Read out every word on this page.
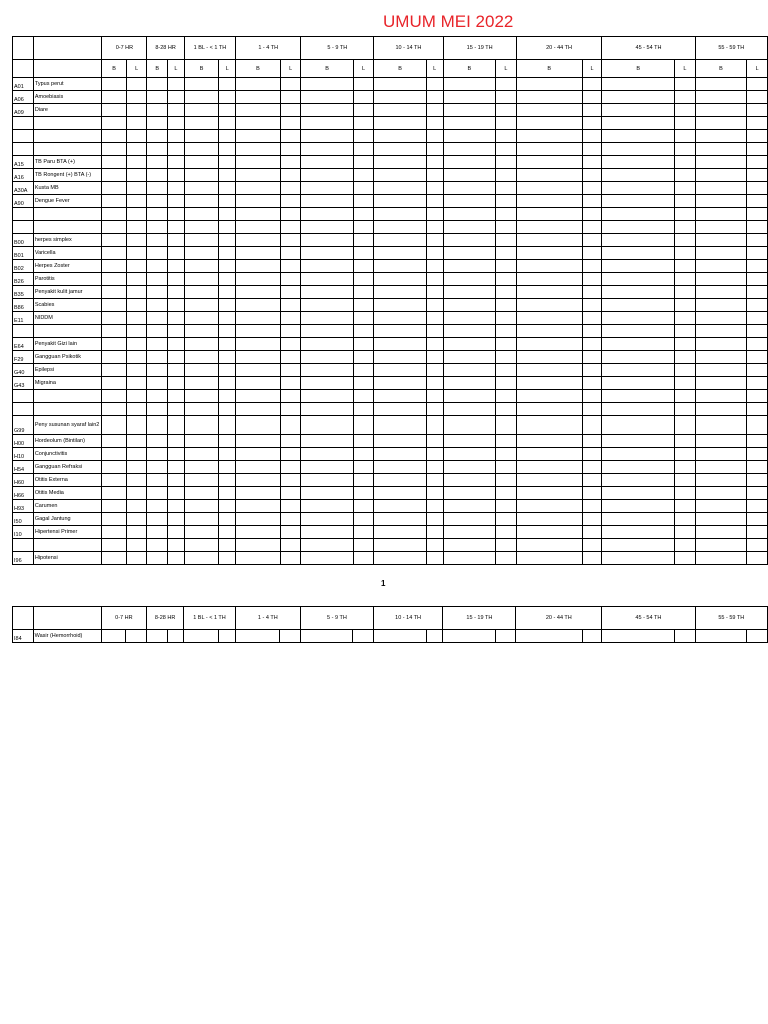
UMUM MEI 2022
		0-7 HR		8-28 HR		1 BL - < 1 TH		1 - 4 TH		5 - 9 TH		10 - 14 TH		15 - 19 TH		20 - 44 TH		45 - 54 TH		55 - 59 TH	
		B	L	B	L	B	L	B	L	B	L	B	L	B	L	B	L	B	L	B	L
A01	Typus perut																				
A06	Amoebiasis																				
A09	Diare																				

A15	TB Paru BTA (+)																				
A16	TB Rongent (+) BTA (-)																				
A30A	Kusta MB																				
A90	Dengue Fever																				

B00	herpes simplex																				
B01	Varicella																				
B02	Herpes Zoster																				
B26	Parotitis																				
B35	Penyakit kulit jamur																				
B86	Scabies																				
E11	NIDDM																				

E64	Penyakit Gizi lain																				
F29	Gangguan Psikotik																				
G40	Epilepsi																				
G43	Migraina																				

G99	Peny susunan syaraf lain2																				
H00	Hordeolum (Bintilan)																				
H10	Conjunctivitis																				
H54	Gangguan Refraksi																				
H60	Otitis Externa																				
H66	Otitis Media																				
H93	Carumen																				
I50	Gagal Jantung																				
I10	Hipertensi Primer																				

I96	Hipotensi																				
1
		0-7 HR		8-28 HR		1 BL - < 1 TH		1 - 4 TH		5 - 9 TH		10 - 14 TH		15 - 19 TH		20 - 44 TH		45 - 54 TH		55 - 59 TH	
I84	Wasir (Hemorrhoid)																				
